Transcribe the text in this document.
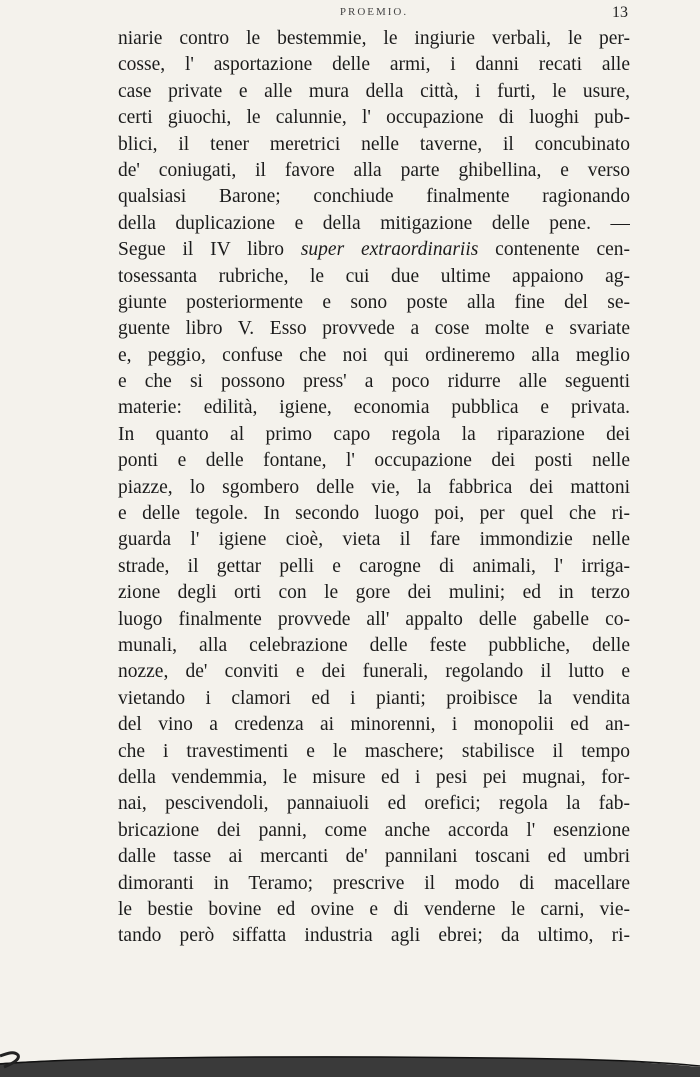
PROEMIO.	13
niarie contro le bestemmie, le ingiurie verbali, le per-
cosse, l' asportazione delle armi, i danni recati alle
case private e alle mura della città, i furti, le usure,
certi giuochi, le calunnie, l' occupazione di luoghi pub-
blici, il tener meretrici nelle taverne, il concubinato
de' coniugati, il favore alla parte ghibellina, e verso
qualsiasi Barone; conchiude finalmente ragionando
della duplicazione e della mitigazione delle pene. —
Segue il IV libro super extraordinariis contenente cen-
tosessanta rubriche, le cui due ultime appaiono ag-
giunte posteriormente e sono poste alla fine del se-
guente libro V. Esso provvede a cose molte e svariate
e, peggio, confuse che noi qui ordineremo alla meglio
e che si possono press' a poco ridurre alle seguenti
materie: edilità, igiene, economia pubblica e privata.
In quanto al primo capo regola la riparazione dei
ponti e delle fontane, l' occupazione dei posti nelle
piazze, lo sgombero delle vie, la fabbrica dei mattoni
e delle tegole. In secondo luogo poi, per quel che ri-
guarda l' igiene cioè, vieta il fare immondizie nelle
strade, il gettar pelli e carogne di animali, l' irriga-
zione degli orti con le gore dei mulini; ed in terzo
luogo finalmente provvede all' appalto delle gabelle co-
munali, alla celebrazione delle feste pubbliche, delle
nozze, de' conviti e dei funerali, regolando il lutto e
vietando i clamori ed i pianti; proibisce la vendita
del vino a credenza ai minorenni, i monopolii ed an-
che i travestimenti e le maschere; stabilisce il tempo
della vendemmia, le misure ed i pesi pei mugnai, for-
nai, pescivendoli, pannaiuoli ed orefici; regola la fab-
bricazione dei panni, come anche accorda l' esenzione
dalle tasse ai mercanti de' pannilani toscani ed umbri
dimoranti in Teramo; prescrive il modo di macellare
le bestie bovine ed ovine e di venderne le carni, vie-
tando però siffatta industria agli ebrei; da ultimo, ri-
